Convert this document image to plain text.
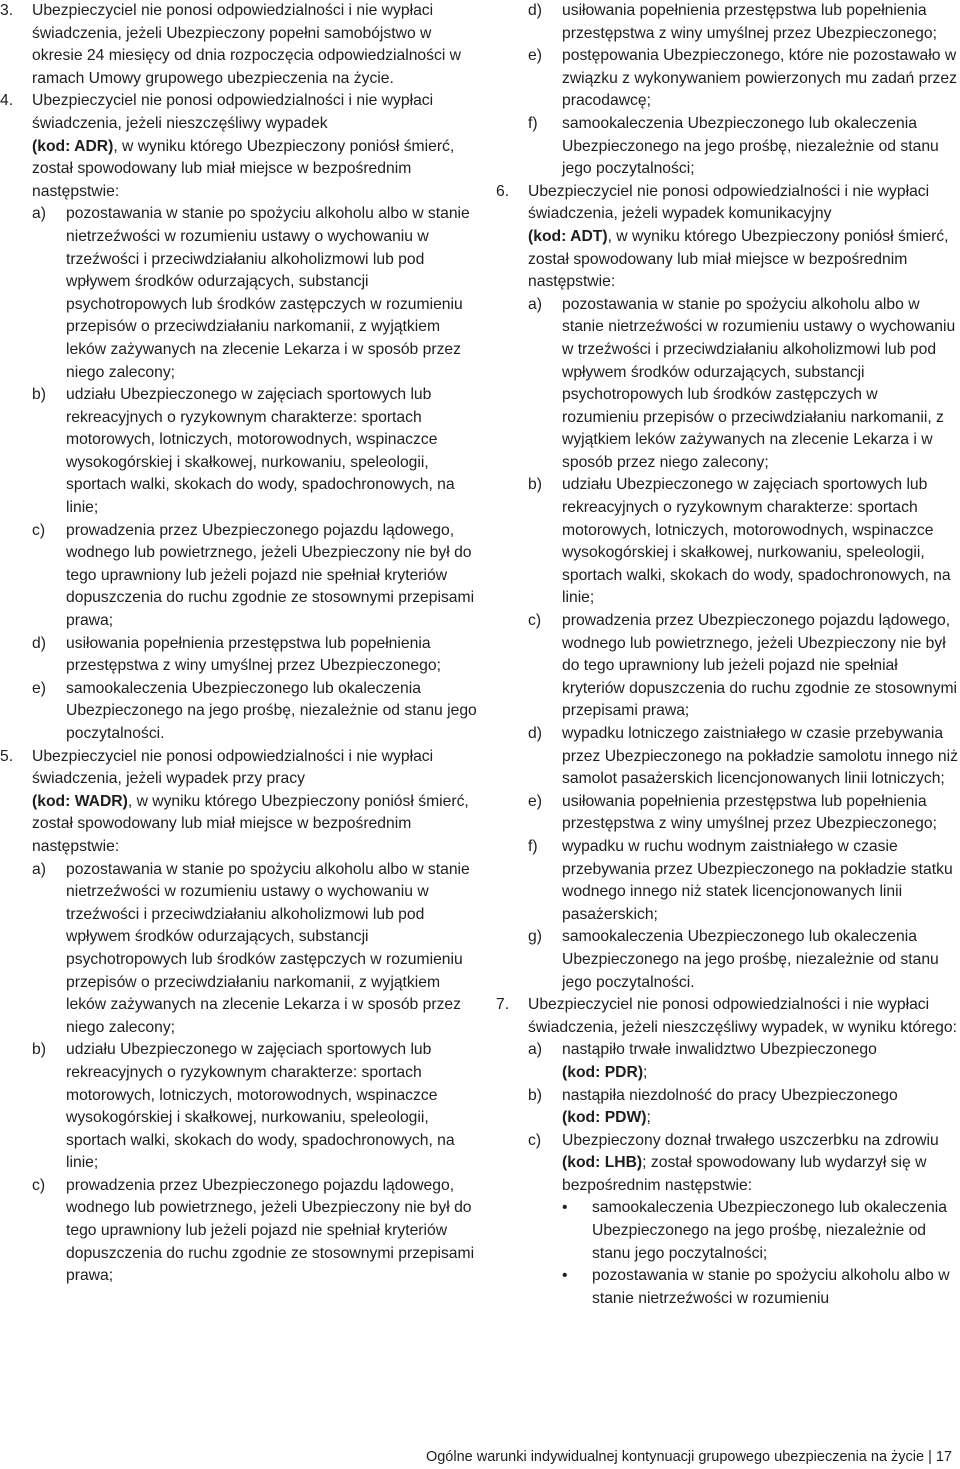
3. Ubezpieczyciel nie ponosi odpowiedzialności i nie wypłaci świadczenia, jeżeli Ubezpieczony popełni samobójstwo w okresie 24 miesięcy od dnia rozpoczęcia odpowiedzialności w ramach Umowy grupowego ubezpieczenia na życie.

4. Ubezpieczyciel nie ponosi odpowiedzialności i nie wypłaci świadczenia, jeżeli nieszczęśliwy wypadek
(kod: ADR), w wyniku którego Ubezpieczony poniósł śmierć, został spowodowany lub miał miejsce w bezpośrednim następstwie:

a) pozostawania w stanie po spożyciu alkoholu albo w stanie nietrzeźwości w rozumieniu ustawy o wychowaniu w trzeźwości i przeciwdziałaniu alkoholizmowi lub pod wpływem środków odurzających, substancji psychotropowych lub środków zastępczych w rozumieniu przepisów o przeciwdziałaniu narkomanii, z wyjątkiem leków zażywanych na zlecenie Lekarza i w sposób przez niego zalecony;

b) udziału Ubezpieczonego w zajęciach sportowych lub rekreacyjnych o ryzykownym charakterze: sportach motorowych, lotniczych, motorowodnych, wspinaczce wysokogórskiej i skałkowej, nurkowaniu, speleologii, sportach walki, skokach do wody, spadochronowych, na linie;

c) prowadzenia przez Ubezpieczonego pojazdu lądowego, wodnego lub powietrznego, jeżeli Ubezpieczony nie był do tego uprawniony lub jeżeli pojazd nie spełniał kryteriów dopuszczenia do ruchu zgodnie ze stosownymi przepisami prawa;

d) usiłowania popełnienia przestępstwa lub popełnienia przestępstwa z winy umyślnej przez Ubezpieczonego;

e) samookaleczenia Ubezpieczonego lub okaleczenia Ubezpieczonego na jego prośbę, niezależnie od stanu jego poczytalności.

5. Ubezpieczyciel nie ponosi odpowiedzialności i nie wypłaci świadczenia, jeżeli wypadek przy pracy
(kod: WADR), w wyniku którego Ubezpieczony poniósł śmierć, został spowodowany lub miał miejsce w bezpośrednim następstwie:

a) pozostawania w stanie po spożyciu alkoholu albo w stanie nietrzeźwości w rozumieniu ustawy o wychowaniu w trzeźwości i przeciwdziałaniu alkoholizmowi lub pod wpływem środków odurzających, substancji psychotropowych lub środków zastępczych w rozumieniu przepisów o przeciwdziałaniu narkomanii, z wyjątkiem leków zażywanych na zlecenie Lekarza i w sposób przez niego zalecony;

b) udziału Ubezpieczonego w zajęciach sportowych lub rekreacyjnych o ryzykownym charakterze: sportach motorowych, lotniczych, motorowodnych, wspinaczce wysokogórskiej i skałkowej, nurkowaniu, speleologii, sportach walki, skokach do wody, spadochronowych, na linie;

c) prowadzenia przez Ubezpieczonego pojazdu lądowego, wodnego lub powietrznego, jeżeli Ubezpieczony nie był do tego uprawniony lub jeżeli pojazd nie spełniał kryteriów dopuszczenia do ruchu zgodnie ze stosownymi przepisami prawa;

d) usiłowania popełnienia przestępstwa lub popełnienia przestępstwa z winy umyślnej przez Ubezpieczonego;

e) postępowania Ubezpieczonego, które nie pozostawało w związku z wykonywaniem powierzonych mu zadań przez pracodawcę;

f) samookaleczenia Ubezpieczonego lub okaleczenia Ubezpieczonego na jego prośbę, niezależnie od stanu jego poczytalności;

6. Ubezpieczyciel nie ponosi odpowiedzialności i nie wypłaci świadczenia, jeżeli wypadek komunikacyjny
(kod: ADT), w wyniku którego Ubezpieczony poniósł śmierć, został spowodowany lub miał miejsce w bezpośrednim następstwie:

a) pozostawania w stanie po spożyciu alkoholu albo w stanie nietrzeźwości w rozumieniu ustawy o wychowaniu w trzeźwości i przeciwdziałaniu alkoholizmowi lub pod wpływem środków odurzających, substancji psychotropowych lub środków zastępczych w rozumieniu przepisów o przeciwdziałaniu narkomanii, z wyjątkiem leków zażywanych na zlecenie Lekarza i w sposób przez niego zalecony;

b) udziału Ubezpieczonego w zajęciach sportowych lub rekreacyjnych o ryzykownym charakterze: sportach motorowych, lotniczych, motorowodnych, wspinaczce wysokogórskiej i skałkowej, nurkowaniu, speleologii, sportach walki, skokach do wody, spadochronowych, na linie;

c) prowadzenia przez Ubezpieczonego pojazdu lądowego, wodnego lub powietrznego, jeżeli Ubezpieczony nie był do tego uprawniony lub jeżeli pojazd nie spełniał kryteriów dopuszczenia do ruchu zgodnie ze stosownymi przepisami prawa;

d) wypadku lotniczego zaistniałego w czasie przebywania przez Ubezpieczonego na pokładzie samolotu innego niż samolot pasażerskich licencjonowanych linii lotniczych;

e) usiłowania popełnienia przestępstwa lub popełnienia przestępstwa z winy umyślnej przez Ubezpieczonego;

f) wypadku w ruchu wodnym zaistniałego w czasie przebywania przez Ubezpieczonego na pokładzie statku wodnego innego niż statek licencjonowanych linii pasażerskich;

g) samookaleczenia Ubezpieczonego lub okaleczenia Ubezpieczonego na jego prośbę, niezależnie od stanu jego poczytalności.

7. Ubezpieczyciel nie ponosi odpowiedzialności i nie wypłaci świadczenia, jeżeli nieszczęśliwy wypadek, w wyniku którego:

a) nastąpiło trwałe inwalidztwo Ubezpieczonego
(kod: PDR);

b) nastąpiła niezdolność do pracy Ubezpieczonego
(kod: PDW);

c) Ubezpieczony doznał trwałego uszczerbku na zdrowiu (kod: LHB); został spowodowany lub wydarzył się w bezpośrednim następstwie:

• samookaleczenia Ubezpieczonego lub okaleczenia Ubezpieczonego na jego prośbę, niezależnie od stanu jego poczytalności;

• pozostawania w stanie po spożyciu alkoholu albo w stanie nietrzeźwości w rozumieniu

Ogólne warunki indywidualnej kontynuacji grupowego ubezpieczenia na życie | 17
